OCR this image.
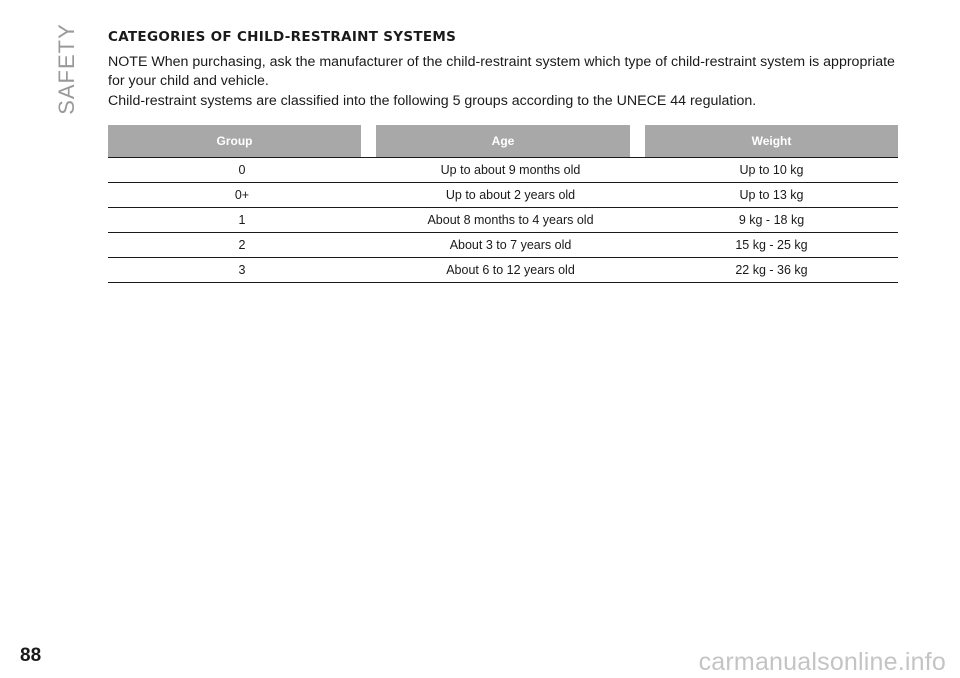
SAFETY CATEGORIES OF CHILD-RESTRAINT SYSTEMS
NOTE When purchasing, ask the manufacturer of the child-restraint system which type of child-restraint system is appropriate for your child and vehicle.
Child-restraint systems are classified into the following 5 groups according to the UNECE 44 regulation.
Group	Age	Weight
0	Up to about 9 months old	Up to 10 kg
0+	Up to about 2 years old	Up to 13 kg
1	About 8 months to 4 years old	9 kg - 18 kg
2	About 3 to 7 years old	15 kg - 25 kg
3	About 6 to 12 years old	22 kg - 36 kg
88	carmanualsonline.info
